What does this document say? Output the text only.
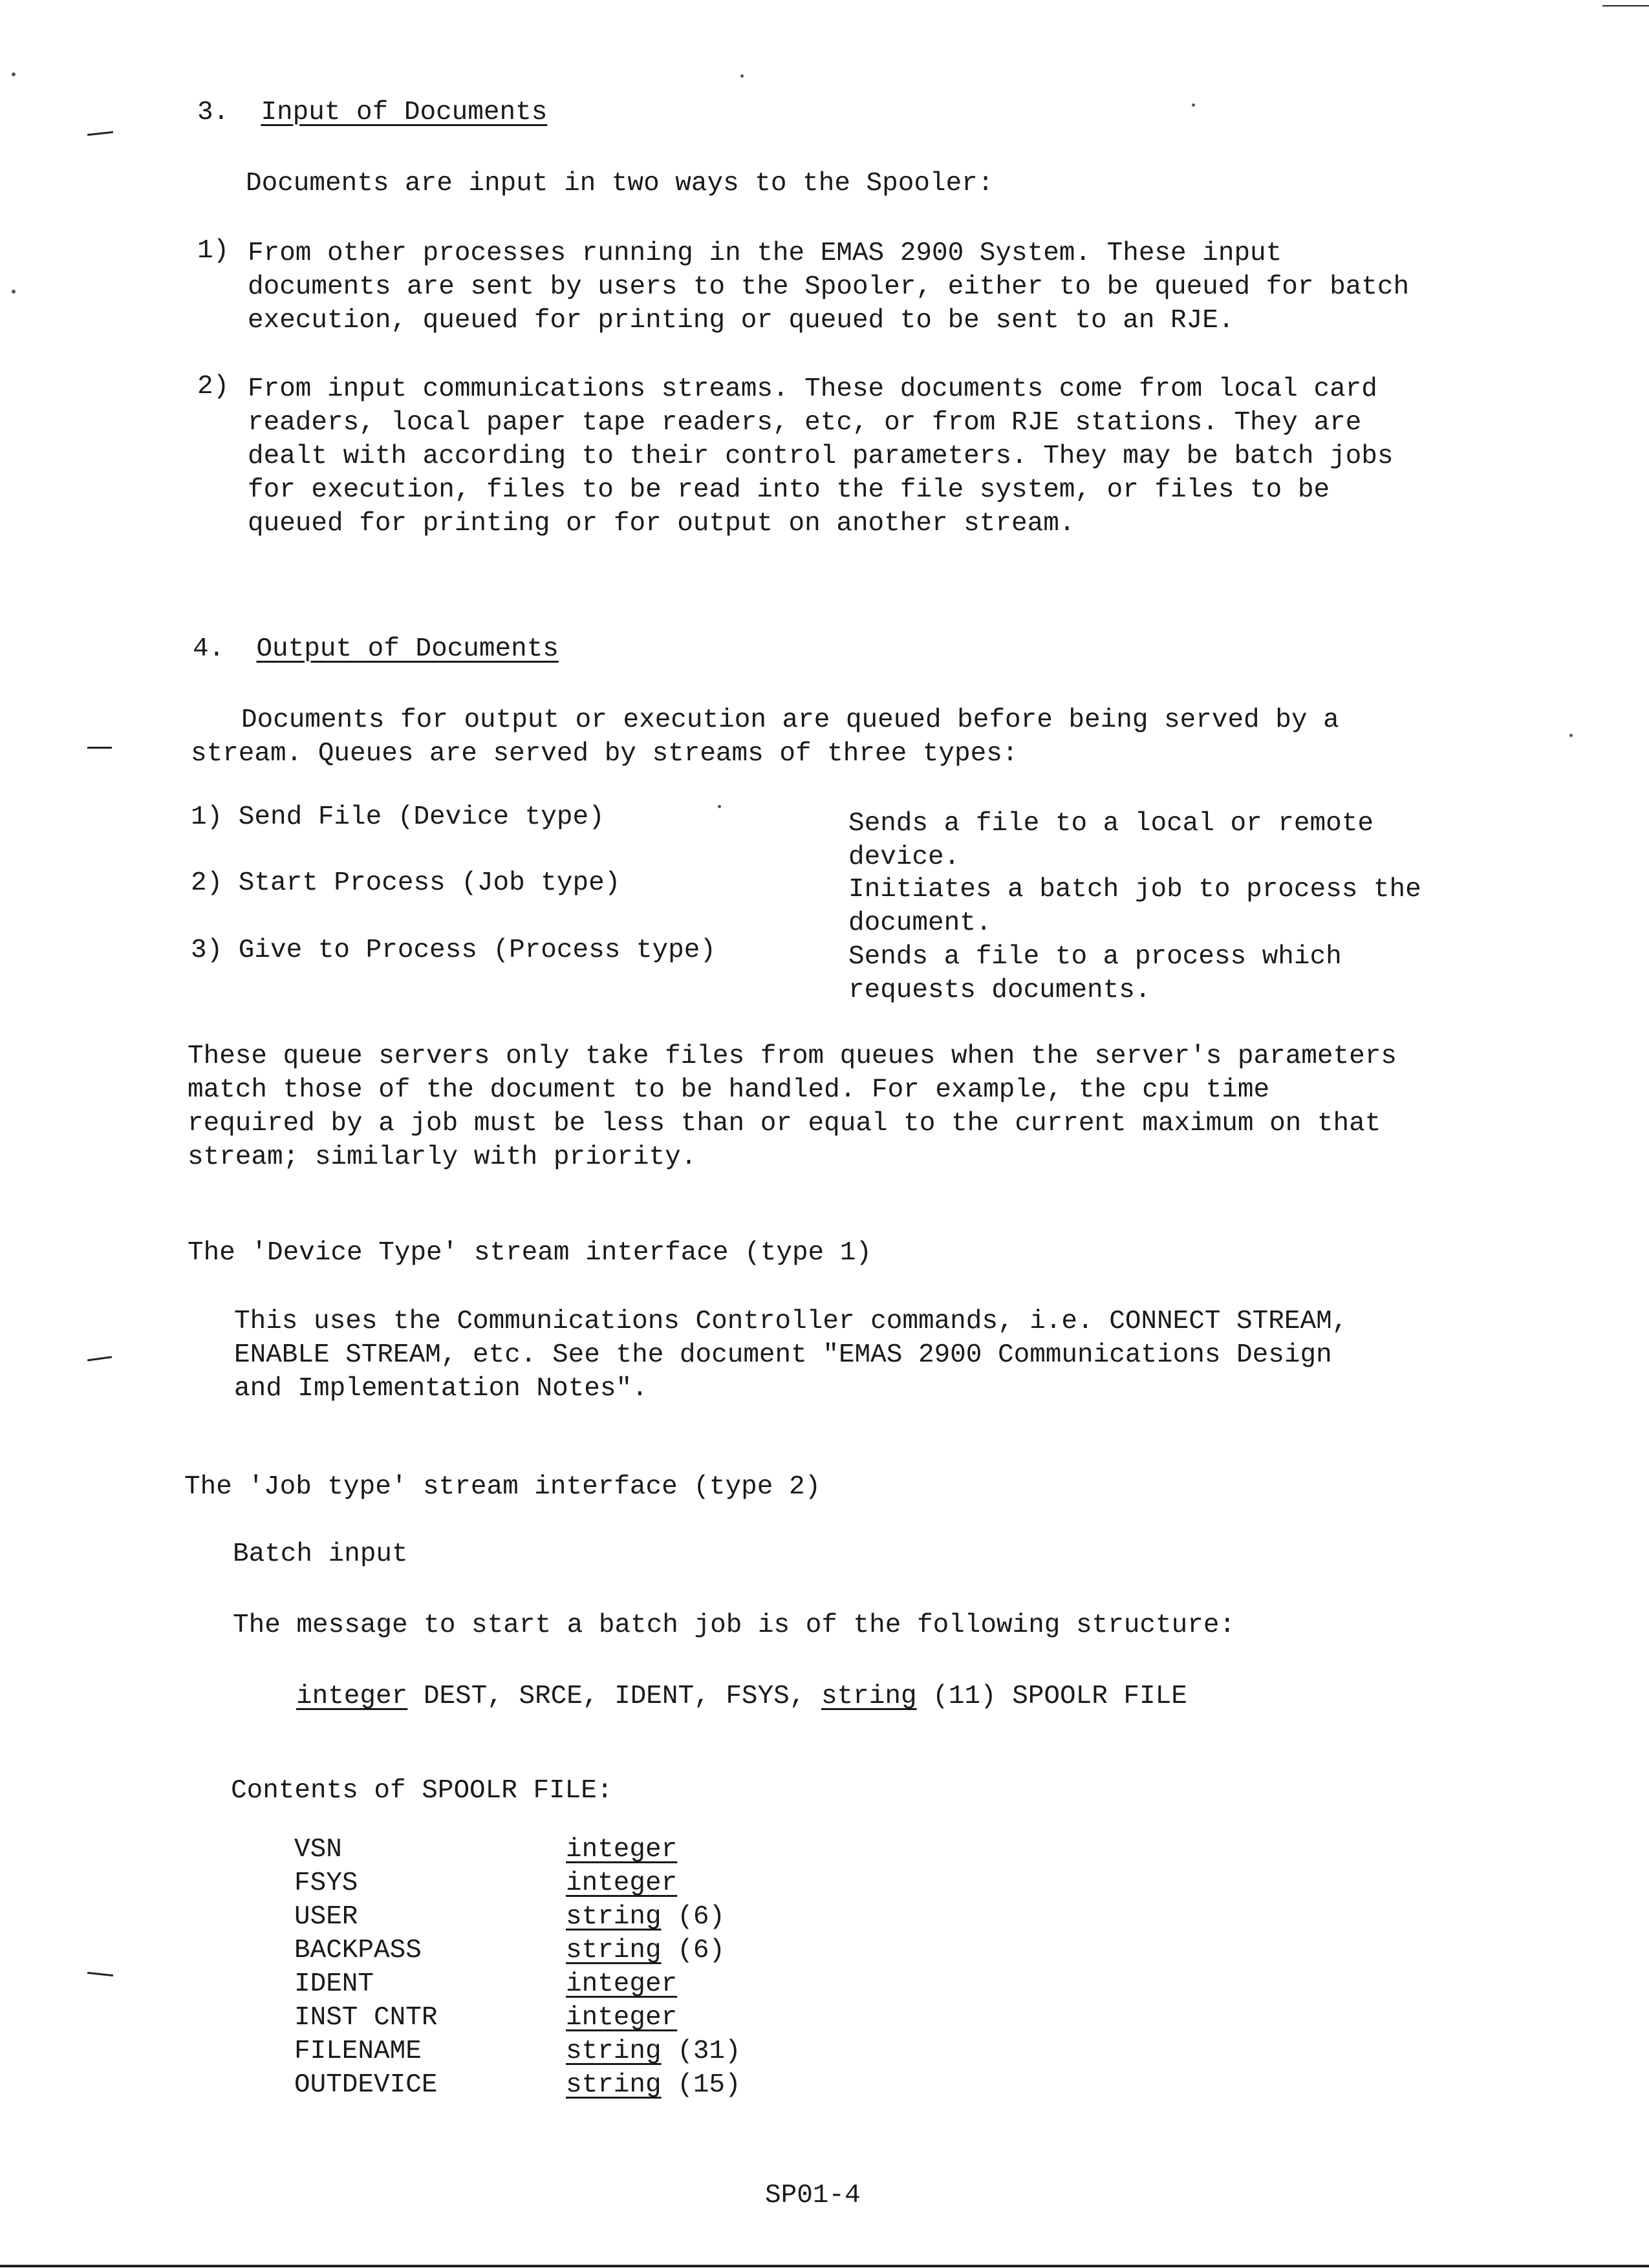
3. Input of Documents
Documents are input in two ways to the Spooler:
1) From other processes running in the EMAS 2900 System. These input
documents are sent by users to the Spooler, either to be queued for batch
execution, queued for printing or queued to be sent to an RJE.
2) From input communications streams. These documents come from local card
readers, local paper tape readers, etc, or from RJE stations. They are
dealt with according to their control parameters. They may be batch jobs
for execution, files to be read into the file system, or files to be
queued for printing or for output on another stream.
4. Output of Documents
Documents for output or execution are queued before being served by a
stream. Queues are served by streams of three types:
1) Send File (Device type)	Sends a file to a local or remote
device.
2) Start Process (Job type)	Initiates a batch job to process the
document.
3) Give to Process (Process type)	Sends a file to a process which
requests documents.
These queue servers only take files from queues when the server's parameters
match those of the document to be handled. For example, the cpu time
required by a job must be less than or equal to the current maximum on that
stream; similarly with priority.
The 'Device Type' stream interface (type 1)
This uses the Communications Controller commands, i.e. CONNECT STREAM,
ENABLE STREAM, etc. See the document "EMAS 2900 Communications Design
and Implementation Notes".
The 'Job type' stream interface (type 2)
Batch input
The message to start a batch job is of the following structure:
integer DEST, SRCE, IDENT, FSYS, string (11) SPOOLR FILE
Contents of SPOOLR FILE:
VSN	integer
FSYS	integer
USER	string (6)
BACKPASS	string (6)
IDENT	integer
INST CNTR	integer
FILENAME	string (31)
OUTDEVICE	string (15)
SP01-4
